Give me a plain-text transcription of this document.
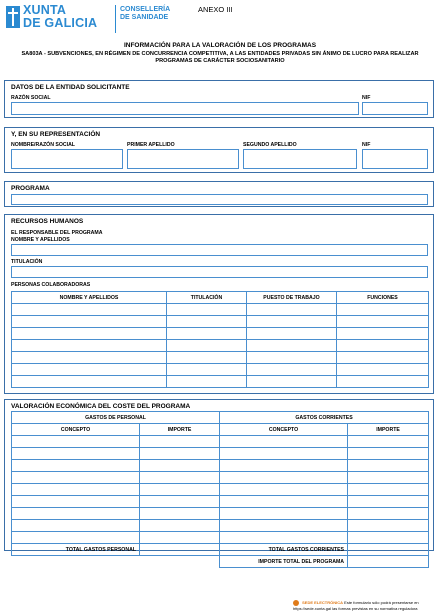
XUNTA
DE GALICIA
CONSELLERÍA
DE SANIDADE
ANEXO III
INFORMACIÓN PARA LA VALORACIÓN DE LOS PROGRAMAS
SA803A - SUBVENCIONES, EN RÉGIMEN DE CONCURRENCIA COMPETITIVA, A LAS ENTIDADES PRIVADAS SIN ÁNIMO DE LUCRO PARA REALIZAR
PROGRAMAS DE CARÁCTER SOCIOSANITARIO
DATOS DE LA ENTIDAD SOLICITANTE
RAZÓN SOCIAL	NIF
Y, EN SU REPRESENTACIÓN
NOMBRE/RAZÓN SOCIAL	PRIMER APELLIDO	SEGUNDO APELLIDO	NIF
PROGRAMA
RECURSOS HUMANOS
EL RESPONSABLE DEL PROGRAMA
NOMBRE Y APELLIDOS
TITULACIÓN
PERSONAS COLABORADORAS
NOMBRE Y APELLIDOS	TITULACIÓN	PUESTO DE TRABAJO	FUNCIONES

VALORACIÓN ECONÓMICA DEL COSTE DEL PROGRAMA
GASTOS DE PERSONAL		GASTOS CORRIENTES	
CONCEPTO	IMPORTE	CONCEPTO	IMPORTE

TOTAL GASTOS PERSONAL		TOTAL GASTOS CORRIENTES	
		IMPORTE TOTAL DEL PROGRAMA	
SEDE ELECTRÓNICA Este formulario sólo podrá presentarse en https://sede.xunta.gal las formas previstas en su normativa reguladora
